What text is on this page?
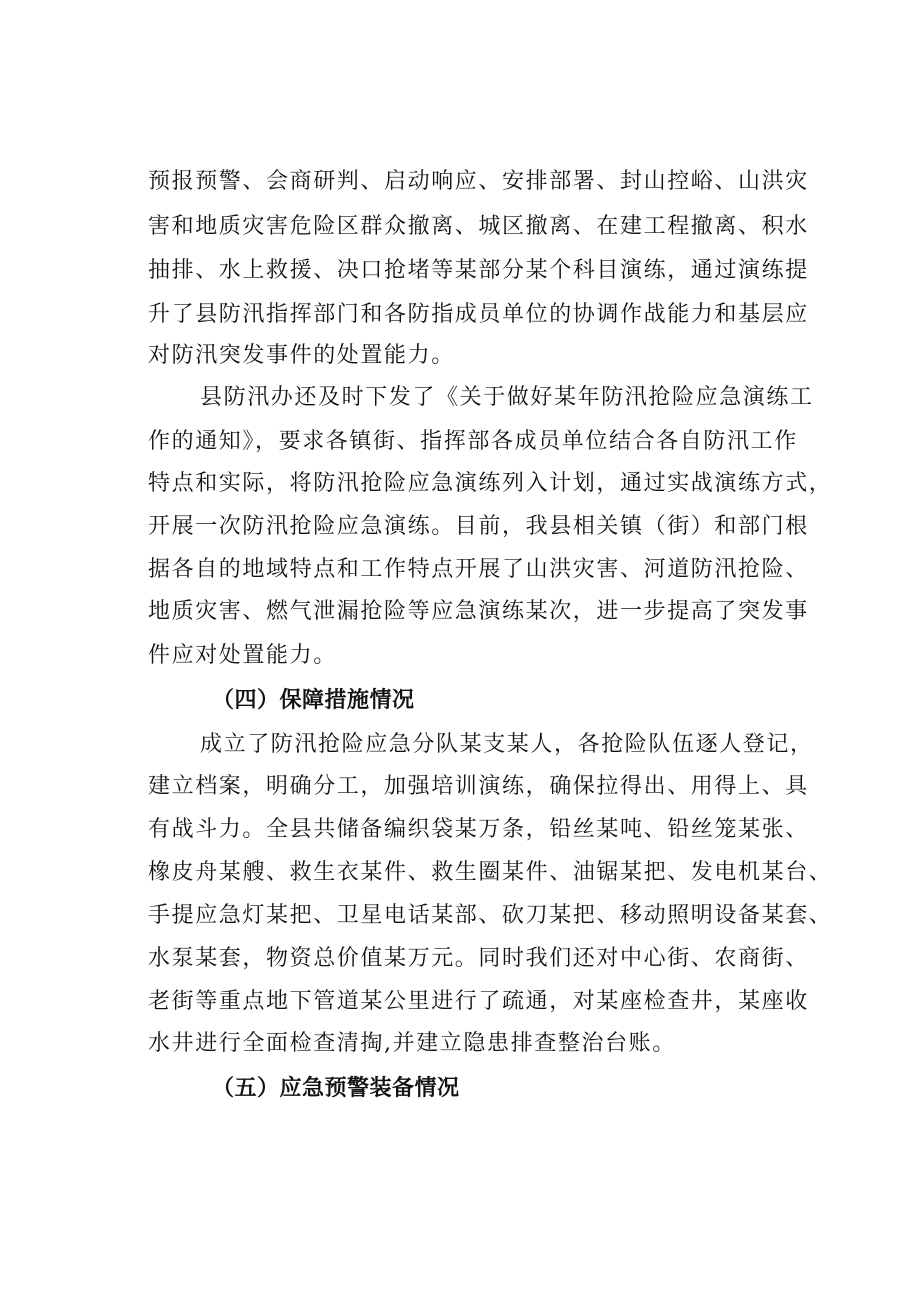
预报预警、会商研判、启动响应、安排部署、封山控峪、山洪灾
害和地质灾害危险区群众撤离、城区撤离、在建工程撤离、积水
抽排、水上救援、决口抢堵等某部分某个科目演练，通过演练提
升了县防汛指挥部门和各防指成员单位的协调作战能力和基层应
对防汛突发事件的处置能力。
县防汛办还及时下发了《关于做好某年防汛抢险应急演练工
作的通知》，要求各镇街、指挥部各成员单位结合各自防汛工作
特点和实际，将防汛抢险应急演练列入计划，通过实战演练方式，
开展一次防汛抢险应急演练。目前，我县相关镇（街）和部门根
据各自的地域特点和工作特点开展了山洪灾害、河道防汛抢险、
地质灾害、燃气泄漏抢险等应急演练某次，进一步提高了突发事
件应对处置能力。
（四）保障措施情况
成立了防汛抢险应急分队某支某人，各抢险队伍逐人登记，
建立档案，明确分工，加强培训演练，确保拉得出、用得上、具
有战斗力。全县共储备编织袋某万条，铅丝某吨、铅丝笼某张、
橡皮舟某艘、救生衣某件、救生圈某件、油锯某把、发电机某台、
手提应急灯某把、卫星电话某部、砍刀某把、移动照明设备某套、
水泵某套，物资总价值某万元。同时我们还对中心街、农商街、
老街等重点地下管道某公里进行了疏通，对某座检查井，某座收
水井进行全面检查清掏,并建立隐患排查整治台账。
（五）应急预警装备情况
